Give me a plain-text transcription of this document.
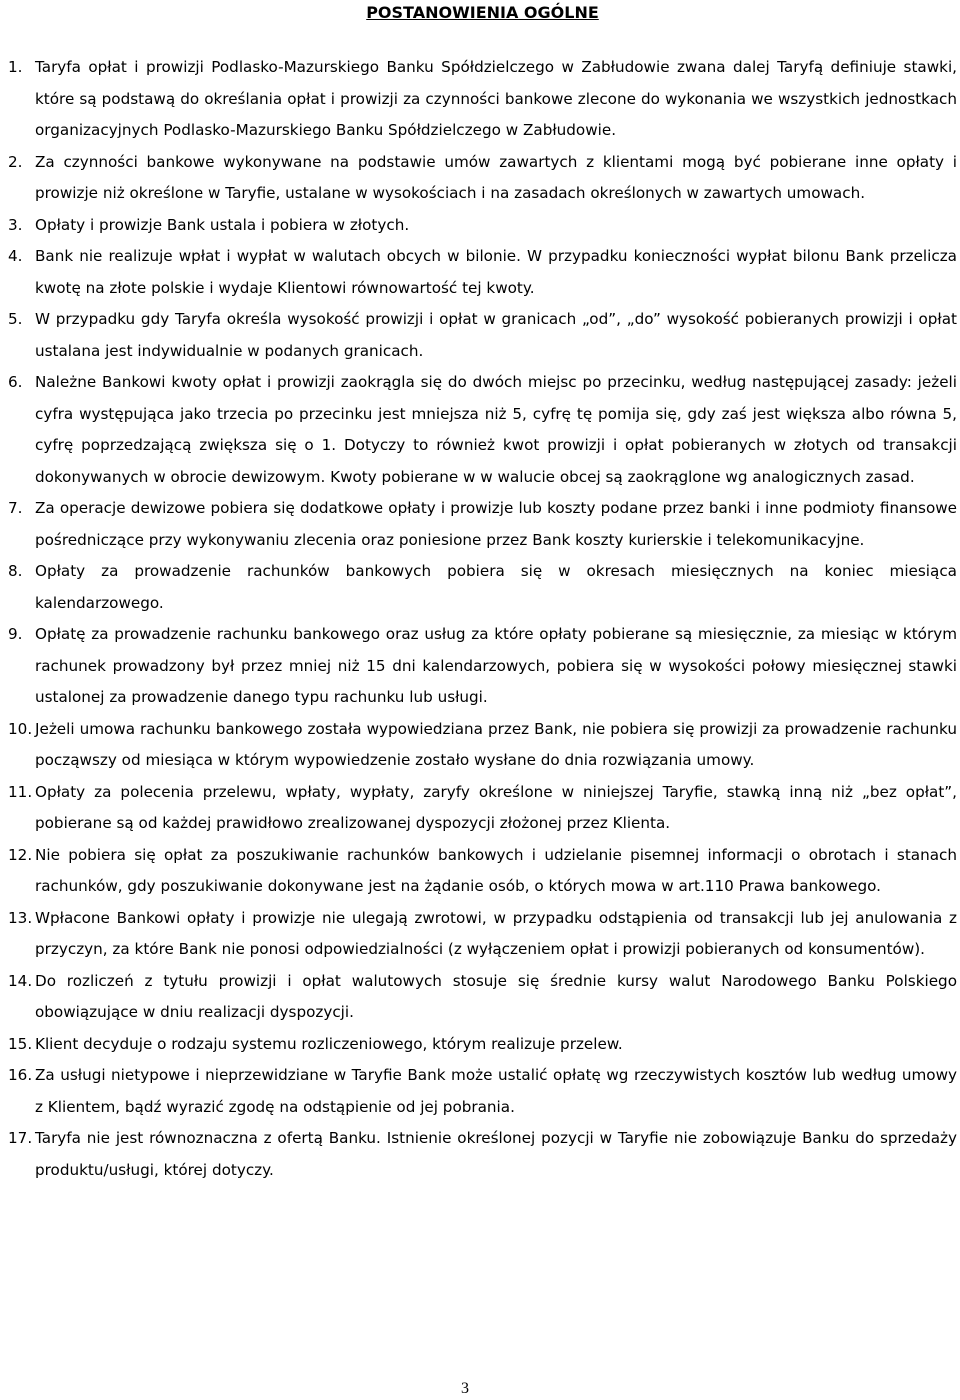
POSTANOWIENIA OGÓLNE
1. Taryfa opłat i prowizji Podlasko-Mazurskiego Banku Spółdzielczego w Zabłudowie zwana dalej Taryfą definiuje stawki, które są podstawą do określania opłat i prowizji za czynności bankowe zlecone do wykonania we wszystkich jednostkach organizacyjnych Podlasko-Mazurskiego Banku Spółdzielczego w Zabłudowie.
2. Za czynności bankowe wykonywane na podstawie umów zawartych z klientami mogą być pobierane inne opłaty i prowizje niż określone w Taryfie, ustalane w wysokościach i na zasadach określonych w zawartych umowach.
3. Opłaty i prowizje Bank ustala i pobiera w złotych.
4. Bank nie realizuje wpłat i wypłat w walutach obcych w bilonie. W przypadku konieczności wypłat bilonu Bank przelicza kwotę na złote polskie i wydaje Klientowi równowartość tej kwoty.
5. W przypadku gdy Taryfa określa wysokość prowizji i opłat w granicach „od”, „do” wysokość pobieranych prowizji i opłat ustalana jest indywidualnie w podanych granicach.
6. Należne Bankowi kwoty opłat i prowizji zaokrągla się do dwóch miejsc po przecinku, według następującej zasady: jeżeli cyfra występująca jako trzecia po przecinku jest mniejsza niż 5, cyfrę tę pomija się, gdy zaś jest większa albo równa 5, cyfrę poprzedzającą zwiększa się o 1. Dotyczy to również kwot prowizji i opłat pobieranych w złotych od transakcji dokonywanych w obrocie dewizowym. Kwoty pobierane w w walucie obcej są zaokrąglone wg analogicznych zasad.
7. Za operacje dewizowe pobiera się dodatkowe opłaty i prowizje lub koszty podane przez banki i inne podmioty finansowe pośredniczące przy wykonywaniu zlecenia oraz poniesione przez Bank koszty kurierskie i telekomunikacyjne.
8. Opłaty za prowadzenie rachunków bankowych pobiera się w okresach miesięcznych na koniec miesiąca kalendarzowego.
9. Opłatę za prowadzenie rachunku bankowego oraz usług za które opłaty pobierane są miesięcznie, za miesiąc w którym rachunek prowadzony był przez mniej niż 15 dni kalendarzowych, pobiera się w wysokości połowy miesięcznej stawki ustalonej za prowadzenie danego typu rachunku lub usługi.
10. Jeżeli umowa rachunku bankowego została wypowiedziana przez Bank, nie pobiera się prowizji za prowadzenie rachunku począwszy od miesiąca w którym wypowiedzenie zostało wysłane do dnia rozwiązania umowy.
11. Opłaty za polecenia przelewu, wpłaty, wypłaty, zaryfy określone w niniejszej Taryfie, stawką inną niż „bez opłat”, pobierane są od każdej prawidłowo zrealizowanej dyspozycji złożonej przez Klienta.
12. Nie pobiera się opłat za poszukiwanie rachunków bankowych i udzielanie pisemnej informacji o obrotach i stanach rachunków, gdy poszukiwanie dokonywane jest na żądanie osób, o których mowa w art.110 Prawa bankowego.
13. Wpłacone Bankowi opłaty i prowizje nie ulegają zwrotowi, w przypadku odstąpienia od transakcji lub jej anulowania z przyczyn, za które Bank nie ponosi odpowiedzialności (z wyłączeniem opłat i prowizji pobieranych od konsumentów).
14. Do rozliczeń z tytułu prowizji i opłat walutowych stosuje się średnie kursy walut Narodowego Banku Polskiego obowiązujące w dniu realizacji dyspozycji.
15. Klient decyduje o rodzaju systemu rozliczeniowego, którym realizuje przelew.
16. Za usługi nietypowe i nieprzewidziane w Taryfie Bank może ustalić opłatę wg rzeczywistych kosztów lub według umowy z Klientem, bądź wyrazić zgodę na odstąpienie od jej pobrania.
17. Taryfa nie jest równoznaczna z ofertą Banku. Istnienie określonej pozycji w Taryfie nie zobowiązuje Banku do sprzedaży produktu/usługi, której dotyczy.
3
